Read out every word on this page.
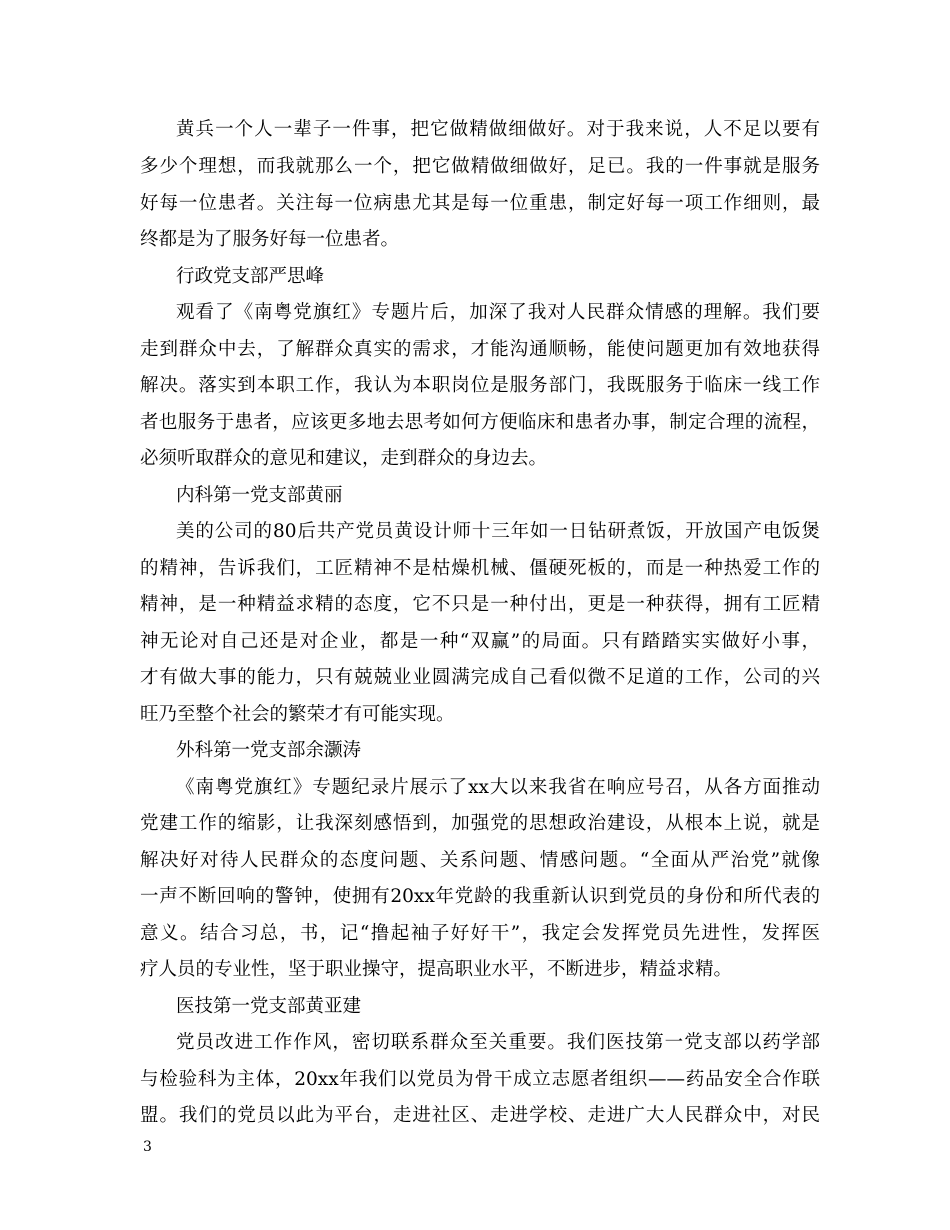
黄兵一个人一辈子一件事，把它做精做细做好。对于我来说，人不足以要有
多少个理想，而我就那么一个，把它做精做细做好，足已。我的一件事就是服务
好每一位患者。关注每一位病患尤其是每一位重患，制定好每一项工作细则，最
终都是为了服务好每一位患者。
行政党支部严思峰
观看了《南粤党旗红》专题片后，加深了我对人民群众情感的理解。我们要
走到群众中去，了解群众真实的需求，才能沟通顺畅，能使问题更加有效地获得
解决。落实到本职工作，我认为本职岗位是服务部门，我既服务于临床一线工作
者也服务于患者，应该更多地去思考如何方便临床和患者办事，制定合理的流程，
必须听取群众的意见和建议，走到群众的身边去。
内科第一党支部黄丽
美的公司的80后共产党员黄设计师十三年如一日钻研煮饭，开放国产电饭煲
的精神，告诉我们，工匠精神不是枯燥机械、僵硬死板的，而是一种热爱工作的
精神，是一种精益求精的态度，它不只是一种付出，更是一种获得，拥有工匠精
神无论对自己还是对企业，都是一种“双赢”的局面。只有踏踏实实做好小事，
才有做大事的能力，只有兢兢业业圆满完成自己看似微不足道的工作，公司的兴
旺乃至整个社会的繁荣才有可能实现。
外科第一党支部余灏涛
《南粤党旗红》专题纪录片展示了xx大以来我省在响应号召，从各方面推动
党建工作的缩影，让我深刻感悟到，加强党的思想政治建设，从根本上说，就是
解决好对待人民群众的态度问题、关系问题、情感问题。“全面从严治党”就像
一声不断回响的警钟，使拥有20xx年党龄的我重新认识到党员的身份和所代表的
意义。结合习总，书，记“撸起袖子好好干”，我定会发挥党员先进性，发挥医
疗人员的专业性，坚于职业操守，提高职业水平，不断进步，精益求精。
医技第一党支部黄亚建
党员改进工作作风，密切联系群众至关重要。我们医技第一党支部以药学部
与检验科为主体，20xx年我们以党员为骨干成立志愿者组织——药品安全合作联
盟。我们的党员以此为平台，走进社区、走进学校、走进广大人民群众中，对民
3
